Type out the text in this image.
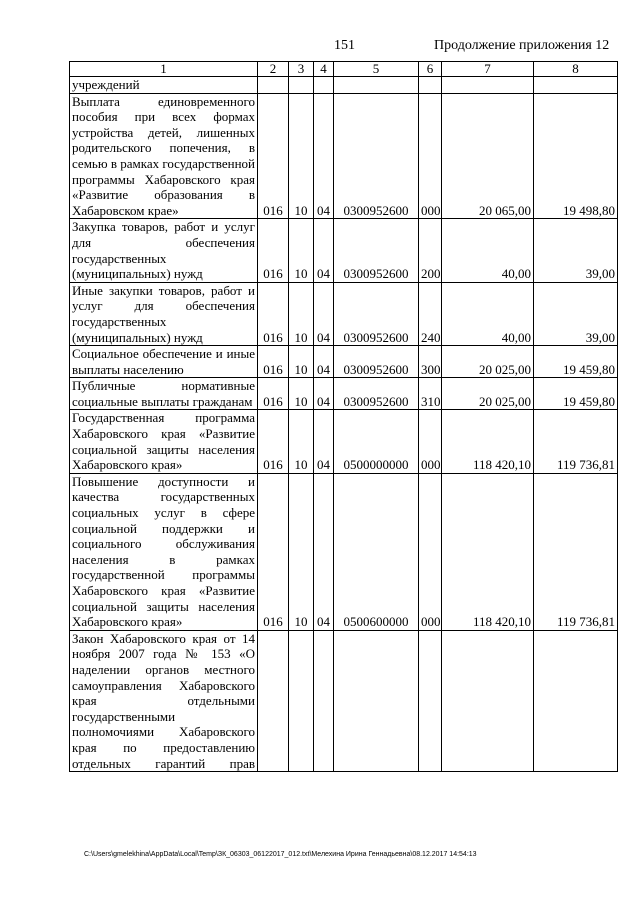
151	Продолжение приложения 12
1	2	3	4	5	6	7	8
учреждений							
Выплата единовременного пособия при всех формах устройства детей, лишенных родительского попечения, в семью в рамках государственной программы Хабаровского края «Развитие образования в Хабаровском крае»	016	10	04	0300952600	000	20 065,00	19 498,80
Закупка товаров, работ и услуг для обеспечения государственных (муниципальных) нужд	016	10	04	0300952600	200	40,00	39,00
Иные закупки товаров, работ и услуг для обеспечения государственных (муниципальных) нужд	016	10	04	0300952600	240	40,00	39,00
Социальное обеспечение и иные выплаты населению	016	10	04	0300952600	300	20 025,00	19 459,80
Публичные нормативные социальные выплаты гражданам	016	10	04	0300952600	310	20 025,00	19 459,80
Государственная программа Хабаровского края «Развитие социальной защиты населения Хабаровского края»	016	10	04	0500000000	000	118 420,10	119 736,81
Повышение доступности и качества государственных социальных услуг в сфере социальной поддержки и социального обслуживания населения в рамках государственной программы Хабаровского края «Развитие социальной защиты населения Хабаровского края»	016	10	04	0500600000	000	118 420,10	119 736,81
Закон Хабаровского края от 14 ноября 2007 года № 153 «О наделении органов местного самоуправления Хабаровского края отдельными государственными полномочиями Хабаровского края по предоставлению отдельных гарантий прав							
C:\Users\gmelekhina\AppData\Local\Temp\ЗК_06303_06122017_012.txt\Мелехина Ирина Геннадьевна\08.12.2017 14:54:13
